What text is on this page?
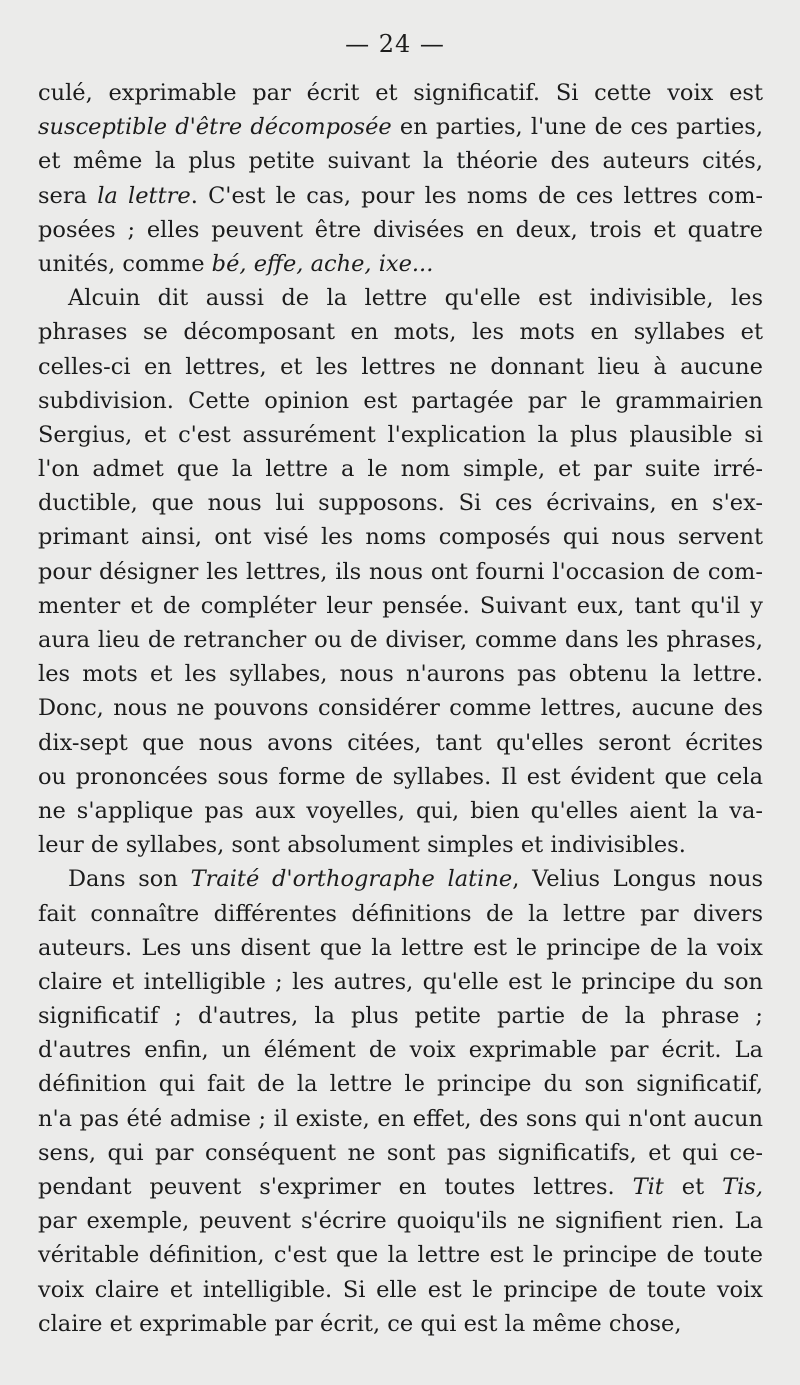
— 24 —
culé, exprimable par écrit et significatif. Si cette voix est
susceptible d'être décomposée en parties, l'une de ces parties,
et même la plus petite suivant la théorie des auteurs cités,
sera la lettre. C'est le cas, pour les noms de ces lettres com-
posées ; elles peuvent être divisées en deux, trois et quatre
unités, comme bé, effe, ache, ixe...
Alcuin dit aussi de la lettre qu'elle est indivisible, les
phrases se décomposant en mots, les mots en syllabes et
celles-ci en lettres, et les lettres ne donnant lieu à aucune
subdivision. Cette opinion est partagée par le grammairien
Sergius, et c'est assurément l'explication la plus plausible si
l'on admet que la lettre a le nom simple, et par suite irré-
ductible, que nous lui supposons. Si ces écrivains, en s'ex-
primant ainsi, ont visé les noms composés qui nous servent
pour désigner les lettres, ils nous ont fourni l'occasion de com-
menter et de compléter leur pensée. Suivant eux, tant qu'il y
aura lieu de retrancher ou de diviser, comme dans les phrases,
les mots et les syllabes, nous n'aurons pas obtenu la lettre.
Donc, nous ne pouvons considérer comme lettres, aucune des
dix-sept que nous avons citées, tant qu'elles seront écrites
ou prononcées sous forme de syllabes. Il est évident que cela
ne s'applique pas aux voyelles, qui, bien qu'elles aient la va-
leur de syllabes, sont absolument simples et indivisibles.
Dans son Traité d'orthographe latine, Velius Longus nous
fait connaître différentes définitions de la lettre par divers
auteurs. Les uns disent que la lettre est le principe de la voix
claire et intelligible ; les autres, qu'elle est le principe du son
significatif ; d'autres, la plus petite partie de la phrase ;
d'autres enfin, un élément de voix exprimable par écrit. La
définition qui fait de la lettre le principe du son significatif,
n'a pas été admise ; il existe, en effet, des sons qui n'ont aucun
sens, qui par conséquent ne sont pas significatifs, et qui ce-
pendant peuvent s'exprimer en toutes lettres. Tit et Tis,
par exemple, peuvent s'écrire quoiqu'ils ne signifient rien. La
véritable définition, c'est que la lettre est le principe de toute
voix claire et intelligible. Si elle est le principe de toute voix
claire et exprimable par écrit, ce qui est la même chose,
